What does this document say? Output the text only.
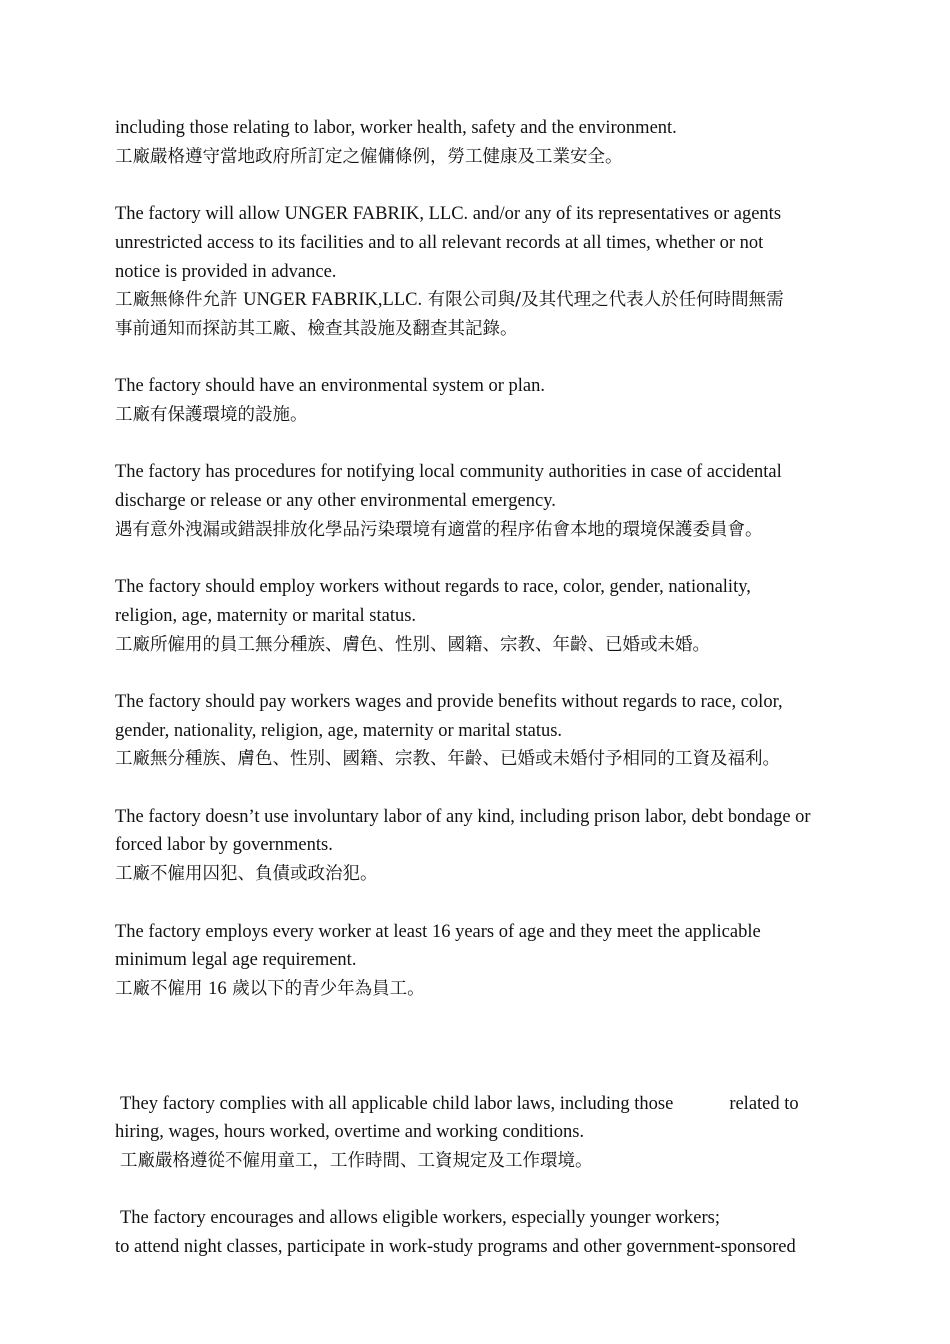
including those relating to labor, worker health, safety and the environment.

工廠嚴格遵守當地政府所訂定之僱傭條例，勞工健康及工業安全。

The factory will allow UNGER FABRIK, LLC. and/or any of its representatives or agents

unrestricted access to its facilities and to all relevant records at all times, whether or not

notice is provided in advance.

工廠無條件允許 UNGER FABRIK,LLC. 有限公司與/及其代理之代表人於任何時間無需

事前通知而探訪其工廠、檢查其設施及翻查其記錄。

The factory should have an environmental system or plan.

工廠有保護環境的設施。

The factory has procedures for notifying local community authorities in case of accidental

discharge or release or any other environmental emergency.

遇有意外洩漏或錯誤排放化學品污染環境有適當的程序佑會本地的環境保護委員會。

The factory should employ workers without regards to race, color, gender, nationality,

religion, age, maternity or marital status.

工廠所僱用的員工無分種族、膚色、性別、國籍、宗教、年齡、已婚或未婚。

The factory should pay workers wages and provide benefits without regards to race, color,

gender, nationality, religion, age, maternity or marital status.

工廠無分種族、膚色、性別、國籍、宗教、年齡、已婚或未婚付予相同的工資及福利。

The factory doesn’t use involuntary labor of any kind, including prison labor, debt bondage or

forced labor by governments.

工廠不僱用囚犯、負債或政治犯。

The factory employs every worker at least 16 years of age and they meet the applicable

minimum legal age requirement.

工廠不僱用 16 歲以下的青少年為員工。

They factory complies with all applicable child labor laws, including those	related to

hiring, wages, hours worked, overtime and working conditions.

工廠嚴格遵從不僱用童工，工作時間、工資規定及工作環境。

The factory encourages and allows eligible workers, especially younger workers;

to attend night classes, participate in work-study programs and other government-sponsored
